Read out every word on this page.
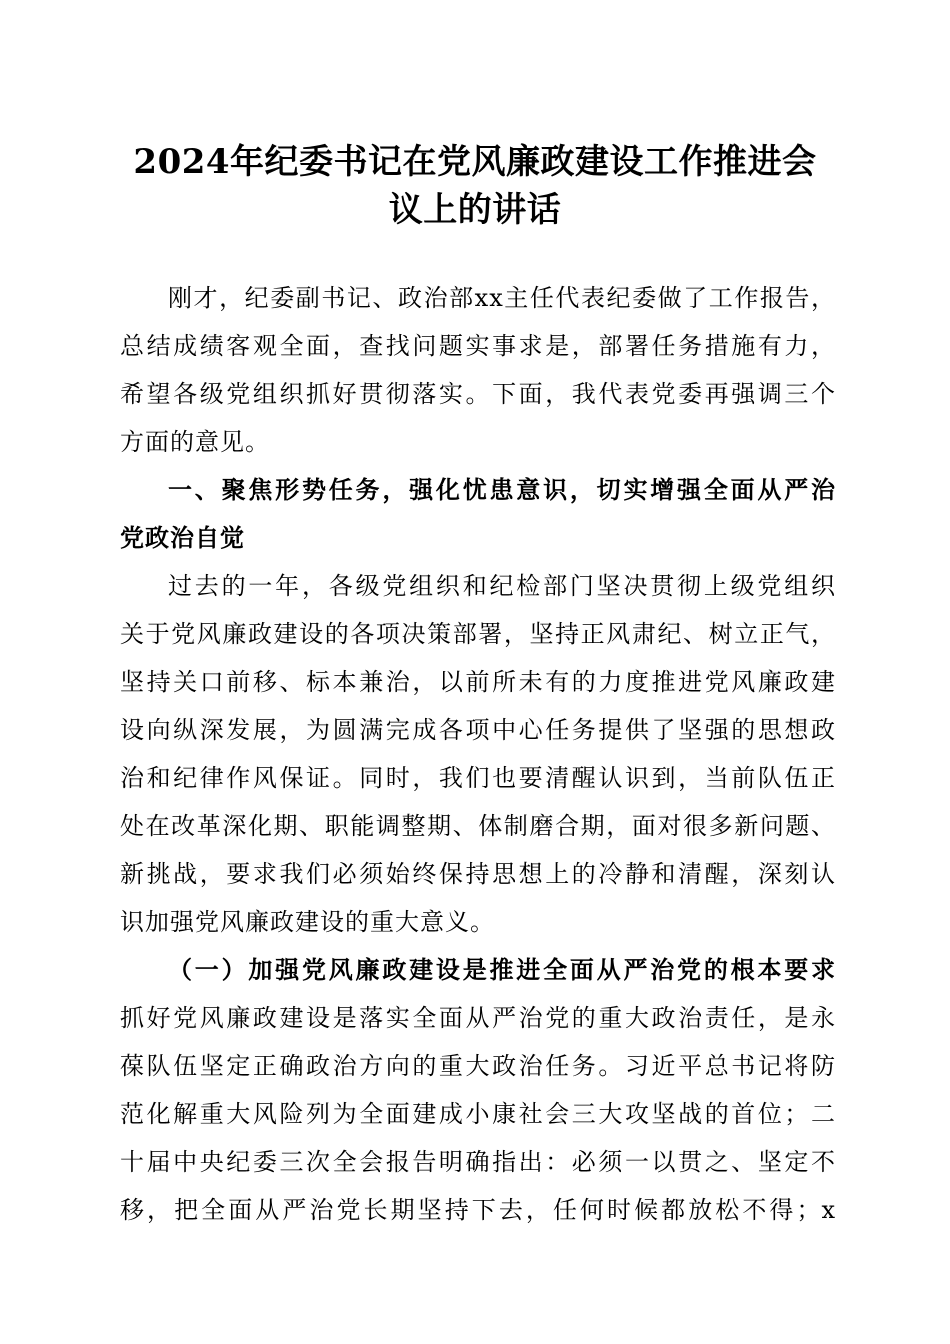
2024年纪委书记在党风廉政建设工作推进会
议上的讲话

刚才，纪委副书记、政治部xx主任代表纪委做了工作报告，

总结成绩客观全面，查找问题实事求是，部署任务措施有力，

希望各级党组织抓好贯彻落实。下面，我代表党委再强调三个

方面的意见。

一、聚焦形势任务，强化忧患意识，切实增强全面从严治

党政治自觉

过去的一年，各级党组织和纪检部门坚决贯彻上级党组织

关于党风廉政建设的各项决策部署，坚持正风肃纪、树立正气，

坚持关口前移、标本兼治，以前所未有的力度推进党风廉政建

设向纵深发展，为圆满完成各项中心任务提供了坚强的思想政

治和纪律作风保证。同时，我们也要清醒认识到，当前队伍正

处在改革深化期、职能调整期、体制磨合期，面对很多新问题、

新挑战，要求我们必须始终保持思想上的冷静和清醒，深刻认

识加强党风廉政建设的重大意义。

（一）加强党风廉政建设是推进全面从严治党的根本要求

抓好党风廉政建设是落实全面从严治党的重大政治责任，是永

葆队伍坚定正确政治方向的重大政治任务。习近平总书记将防

范化解重大风险列为全面建成小康社会三大攻坚战的首位；二

十届中央纪委三次全会报告明确指出：必须一以贯之、坚定不

移，把全面从严治党长期坚持下去，任何时候都放松不得；x
